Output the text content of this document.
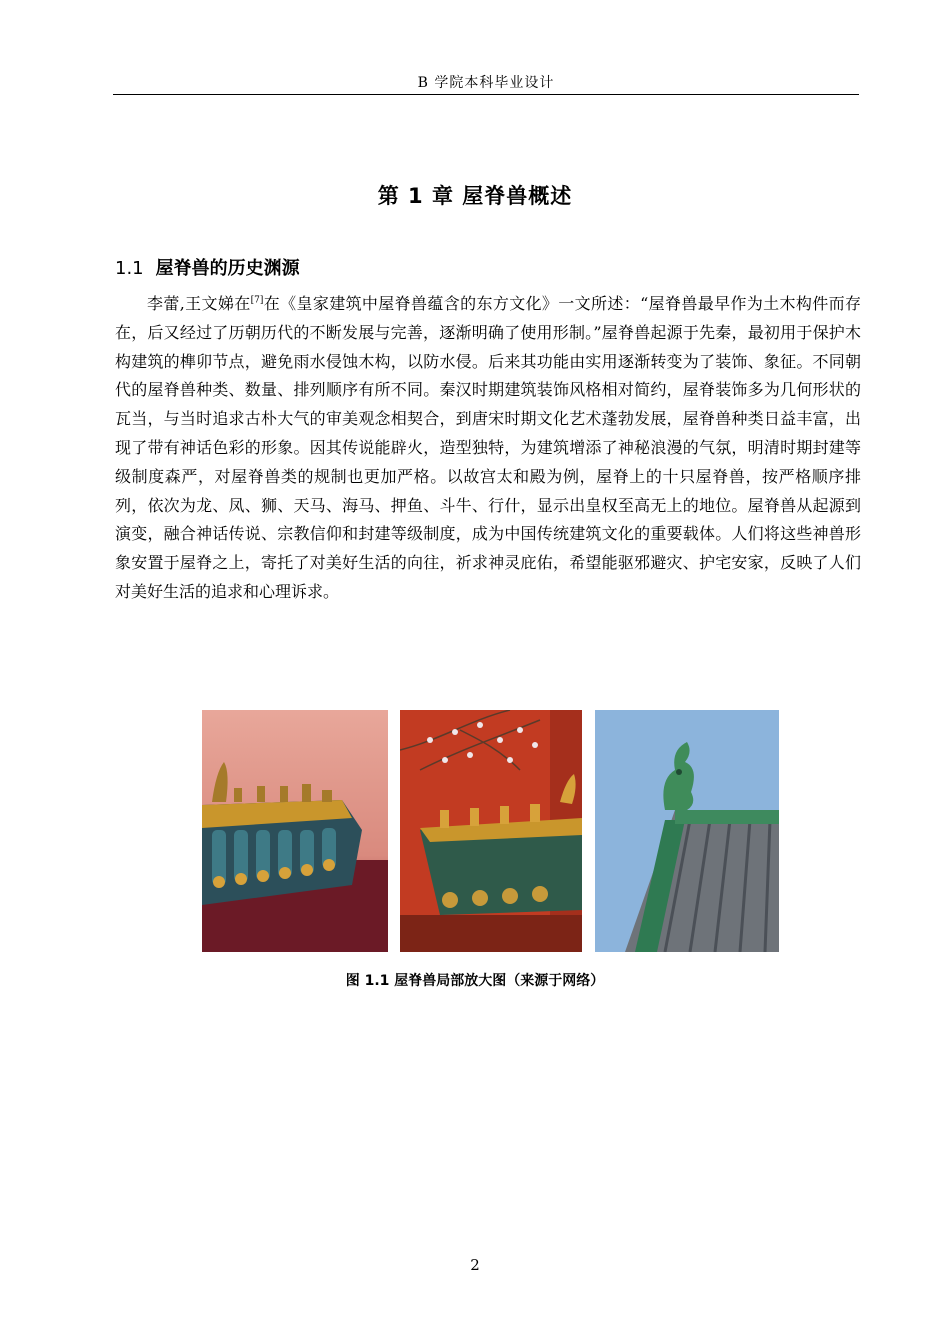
B 学院本科毕业设计
第 1 章 屋脊兽概述
1.1 屋脊兽的历史渊源

李蕾,王文娣在[7]在《皇家建筑中屋脊兽蕴含的东方文化》一文所述：“屋脊兽最早作为土木构件而存在，后又经过了历朝历代的不断发展与完善，逐渐明确了使用形制。”屋脊兽起源于先秦，最初用于保护木构建筑的榫卯节点，避免雨水侵蚀木构，以防水侵。后来其功能由实用逐渐转变为了装饰、象征。不同朝代的屋脊兽种类、数量、排列顺序有所不同。秦汉时期建筑装饰风格相对简约，屋脊装饰多为几何形状的瓦当，与当时追求古朴大气的审美观念相契合，到唐宋时期文化艺术蓬勃发展，屋脊兽种类日益丰富，出现了带有神话色彩的形象。因其传说能辟火，造型独特，为建筑增添了神秘浪漫的气氛，明清时期封建等级制度森严，对屋脊兽类的规制也更加严格。以故宫太和殿为例，屋脊上的十只屋脊兽，按严格顺序排列，依次为龙、凤、狮、天马、海马、押鱼、斗牛、行什，显示出皇权至高无上的地位。屋脊兽从起源到演变，融合神话传说、宗教信仰和封建等级制度，成为中国传统建筑文化的重要载体。人们将这些神兽形象安置于屋脊之上，寄托了对美好生活的向往，祈求神灵庇佑，希望能驱邪避灾、护宅安家，反映了人们对美好生活的追求和心理诉求。

图 1.1 屋脊兽局部放大图（来源于网络）
2
